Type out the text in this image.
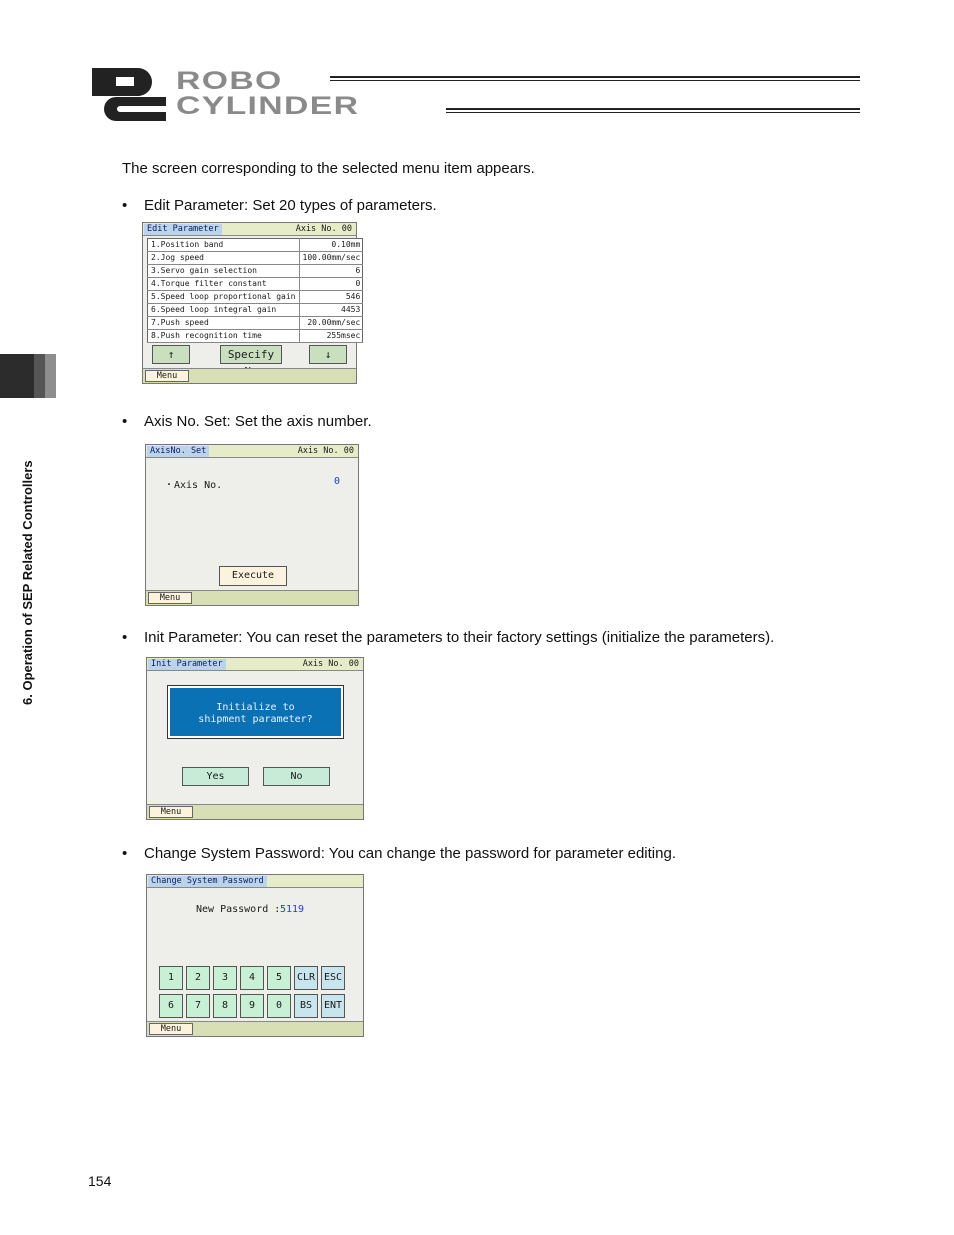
ROBO
CYLINDER
6. Operation of SEP Related Controllers
The screen corresponding to the selected menu item appears.
• Edit Parameter: Set 20 types of parameters.
Edit Parameter	Axis No. 00
1.Position band	0.10mm
2.Jog speed	100.00mm/sec
3.Servo gain selection	6
4.Torque filter constant	0
5.Speed loop proportional gain	546
6.Speed loop integral gain	4453
7.Push speed	20.00mm/sec
8.Push recognition time	255msec
↑	Specify	↓
Menu
• Axis No. Set: Set the axis number.
AxisNo. Set	Axis No. 00
・Axis No.	0
Execute
Menu
• Init Parameter: You can reset the parameters to their factory settings (initialize the parameters).
Init Parameter	Axis No. 00
Initialize to
shipment parameter?
Yes	No
Menu
• Change System Password: You can change the password for parameter editing.
Change System Password
New Password : 5119
1	2	3	4	5	CLR ESC
6	7	8	9	0	BS	ENT
Menu
154
